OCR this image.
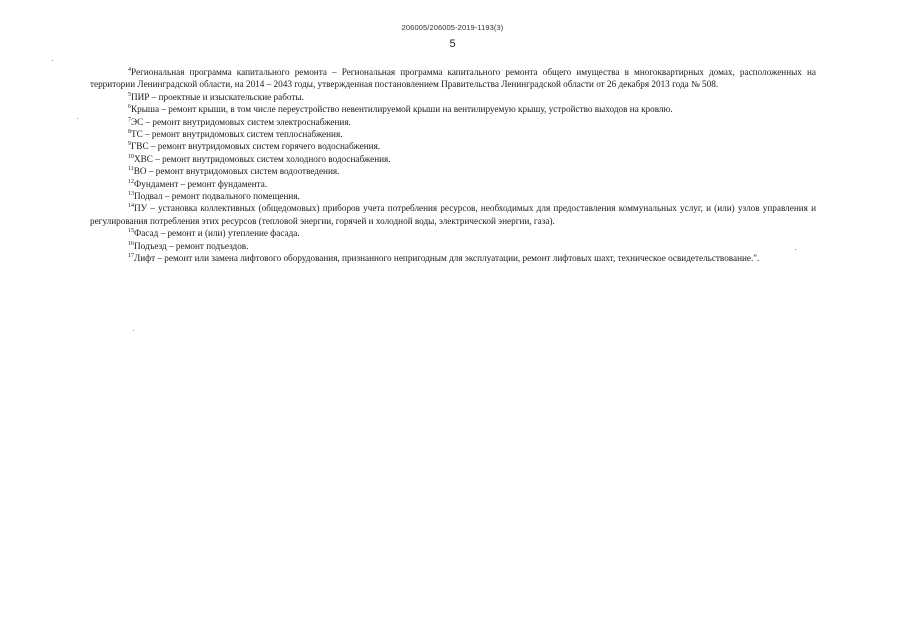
206005/206005-2019-1193(3)
5

$^4$Региональная программа капитального ремонта – Региональная программа капитального ремонта общего имущества в многоквартирных домах, расположенных на территории Ленинградской области, на 2014 – 2043 годы, утвержденная постановлением Правительства Ленинградской области от 26 декабря 2013 года № 508.

$^5$ПИР – проектные и изыскательские работы.

$^6$Крыша – ремонт крыши, в том числе переустройство невентилируемой крыши на вентилируемую крышу, устройство выходов на кровлю.

$^7$ЭС – ремонт внутридомовых систем электроснабжения.

$^8$ТС – ремонт внутридомовых систем теплоснабжения.

$^9$ГВС – ремонт внутридомовых систем горячего водоснабжения.

$^{10}$ХВС – ремонт внутридомовых систем холодного водоснабжения.

$^{11}$ВО – ремонт внутридомовых систем водоотведения.

$^{12}$Фундамент – ремонт фундамента.

$^{13}$Подвал – ремонт подвального помещения.

$^{14}$ПУ – установка коллективных (общедомовых) приборов учета потребления ресурсов, необходимых для предоставления коммунальных услуг, и (или) узлов управления и регулирования потребления этих ресурсов (тепловой энергии, горячей и холодной воды, электрической энергии, газа).

$^{15}$Фасад – ремонт и (или) утепление фасада.

$^{16}$Подъезд – ремонт подъездов.

$^{17}$Лифт – ремонт или замена лифтового оборудования, признанного непригодным для эксплуатации, ремонт лифтовых шахт, техническое освидетельствование.".
